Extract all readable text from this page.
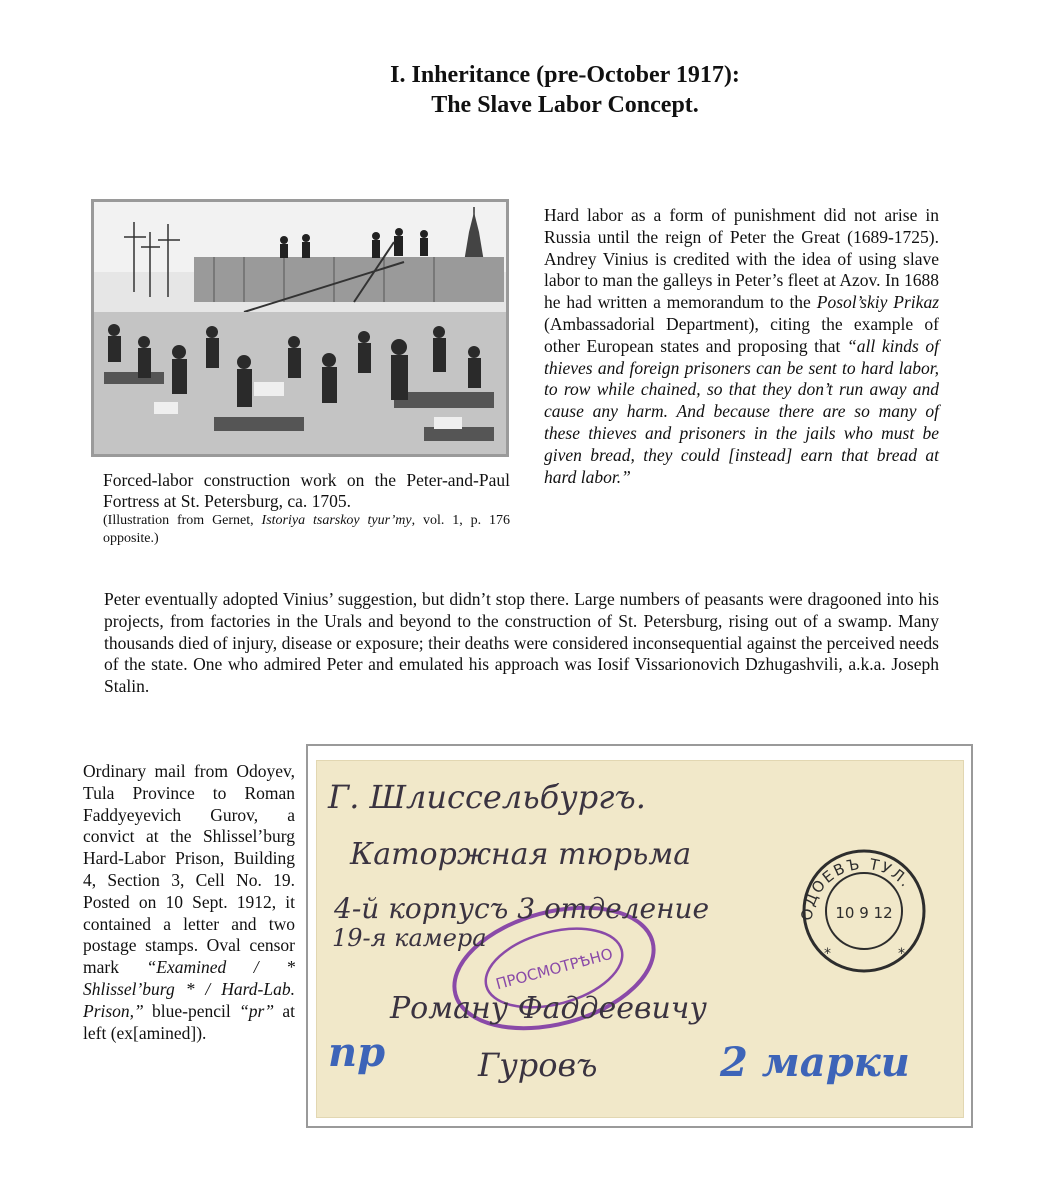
I. Inheritance (pre-October 1917):
The Slave Labor Concept.
Forced-labor construction work on the Peter-and-Paul Fortress at St. Petersburg, ca. 1705.
(Illustration from Gernet, Istoriya tsarskoy tyur’my, vol. 1, p. 176 opposite.)
Hard labor as a form of punishment did not arise in Russia until the reign of Peter the Great (1689-1725). Andrey Vinius is credited with the idea of using slave labor to man the galleys in Peter’s fleet at Azov. In 1688 he had written a memorandum to the Posol’skiy Prikaz (Ambassadorial Department), citing the example of other European states and proposing that “all kinds of thieves and foreign prisoners can be sent to hard labor, to row while chained, so that they don’t run away and cause any harm. And because there are so many of these thieves and prisoners in the jails who must be given bread, they could [instead] earn that bread at hard labor.”
Peter eventually adopted Vinius’ suggestion, but didn’t stop there. Large numbers of peasants were dragooned into his projects, from factories in the Urals and beyond to the construction of St. Petersburg, rising out of a swamp. Many thousands died of injury, disease or exposure; their deaths were considered inconsequential against the perceived needs of the state. One who admired Peter and emulated his approach was Iosif Vissarionovich Dzhugashvili, a.k.a. Joseph Stalin.
Ordinary mail from Odoyev, Tula Province to Roman Faddyeyevich Gurov, a convict at the Shlissel’burg Hard-Labor Prison, Building 4, Section 3, Cell No. 19. Posted on 10 Sept. 1912, it contained a letter and two postage stamps. Oval censor mark “Examined / * Shlissel’burg * / Hard-Lab. Prison,” blue-pencil “pr” at left (ex[amined]).
ПРОСМОТРѢНО
ОДОЕВЪ ТУЛ.
10 9 12
*	*
Г. Шлиссельбургъ.
Каторжная тюрьма
4-й корпусъ 3 отделение
19-я камера
Роману Фаддеевичу
Гуровъ
пр	2 марки
